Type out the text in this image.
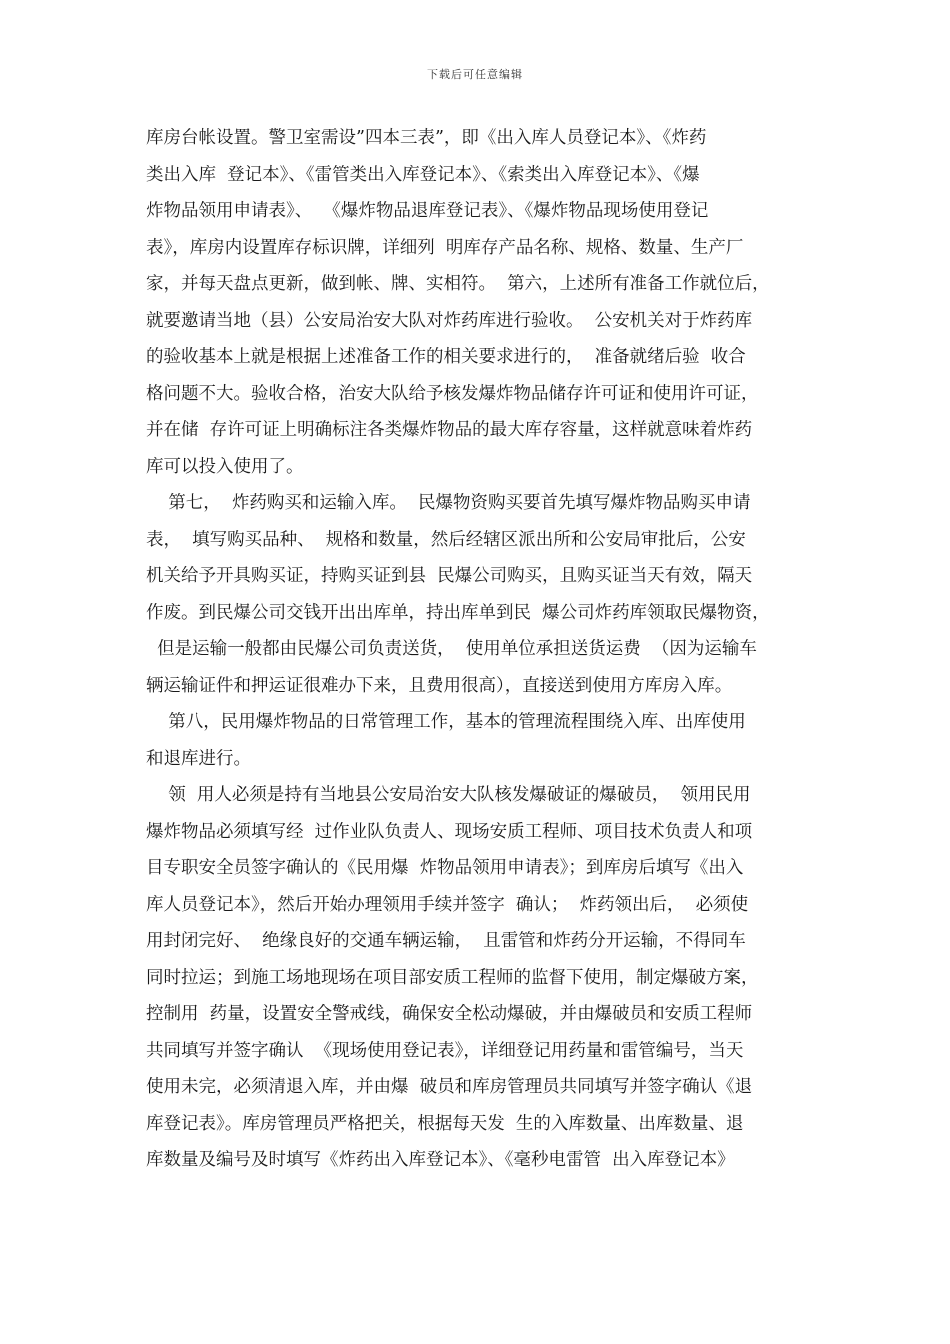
下载后可任意编辑
库房台帐设置。警卫室需设”四本三表”，即《出入库人员登记本》、《炸药
类出入库  登记本》、《雷管类出入库登记本》、《索类出入库登记本》、《爆
炸物品领用申请表》、  《爆炸物品退库登记表》、《爆炸物品现场使用登记
表》，库房内设置库存标识牌，详细列  明库存产品名称、规格、数量、生产厂
家，并每天盘点更新，做到帐、牌、实相符。  第六，上述所有准备工作就位后，
就要邀请当地（县）公安局治安大队对炸药库进行验收。  公安机关对于炸药库
的验收基本上就是根据上述准备工作的相关要求进行的，  准备就绪后验  收合
格问题不大。验收合格，治安大队给予核发爆炸物品储存许可证和使用许可证，
并在储  存许可证上明确标注各类爆炸物品的最大库存容量，这样就意味着炸药
库可以投入使用了。
第七，  炸药购买和运输入库。  民爆物资购买要首先填写爆炸物品购买申请
表，  填写购买品种、  规格和数量，然后经辖区派出所和公安局审批后，公安
机关给予开具购买证，持购买证到县  民爆公司购买，且购买证当天有效，隔天
作废。到民爆公司交钱开出出库单，持出库单到民  爆公司炸药库领取民爆物资，
但是运输一般都由民爆公司负责送货，  使用单位承担送货运费  （因为运输车
辆运输证件和押运证很难办下来，且费用很高），直接送到使用方库房入库。
第八，民用爆炸物品的日常管理工作，基本的管理流程围绕入库、出库使用
和退库进行。
领  用人必须是持有当地县公安局治安大队核发爆破证的爆破员，  领用民用
爆炸物品必须填写经  过作业队负责人、现场安质工程师、项目技术负责人和项
目专职安全员签字确认的《民用爆  炸物品领用申请表》；到库房后填写《出入
库人员登记本》，然后开始办理领用手续并签字  确认；  炸药领出后，  必须使
用封闭完好、  绝缘良好的交通车辆运输，  且雷管和炸药分开运输，不得同车
同时拉运；到施工场地现场在项目部安质工程师的监督下使用，制定爆破方案，
控制用  药量，设置安全警戒线，确保安全松动爆破，并由爆破员和安质工程师
共同填写并签字确认  《现场使用登记表》，详细登记用药量和雷管编号，当天
使用未完，必须清退入库，并由爆  破员和库房管理员共同填写并签字确认《退
库登记表》。库房管理员严格把关，根据每天发  生的入库数量、出库数量、退
库数量及编号及时填写《炸药出入库登记本》、《毫秒电雷管  出入库登记本》
